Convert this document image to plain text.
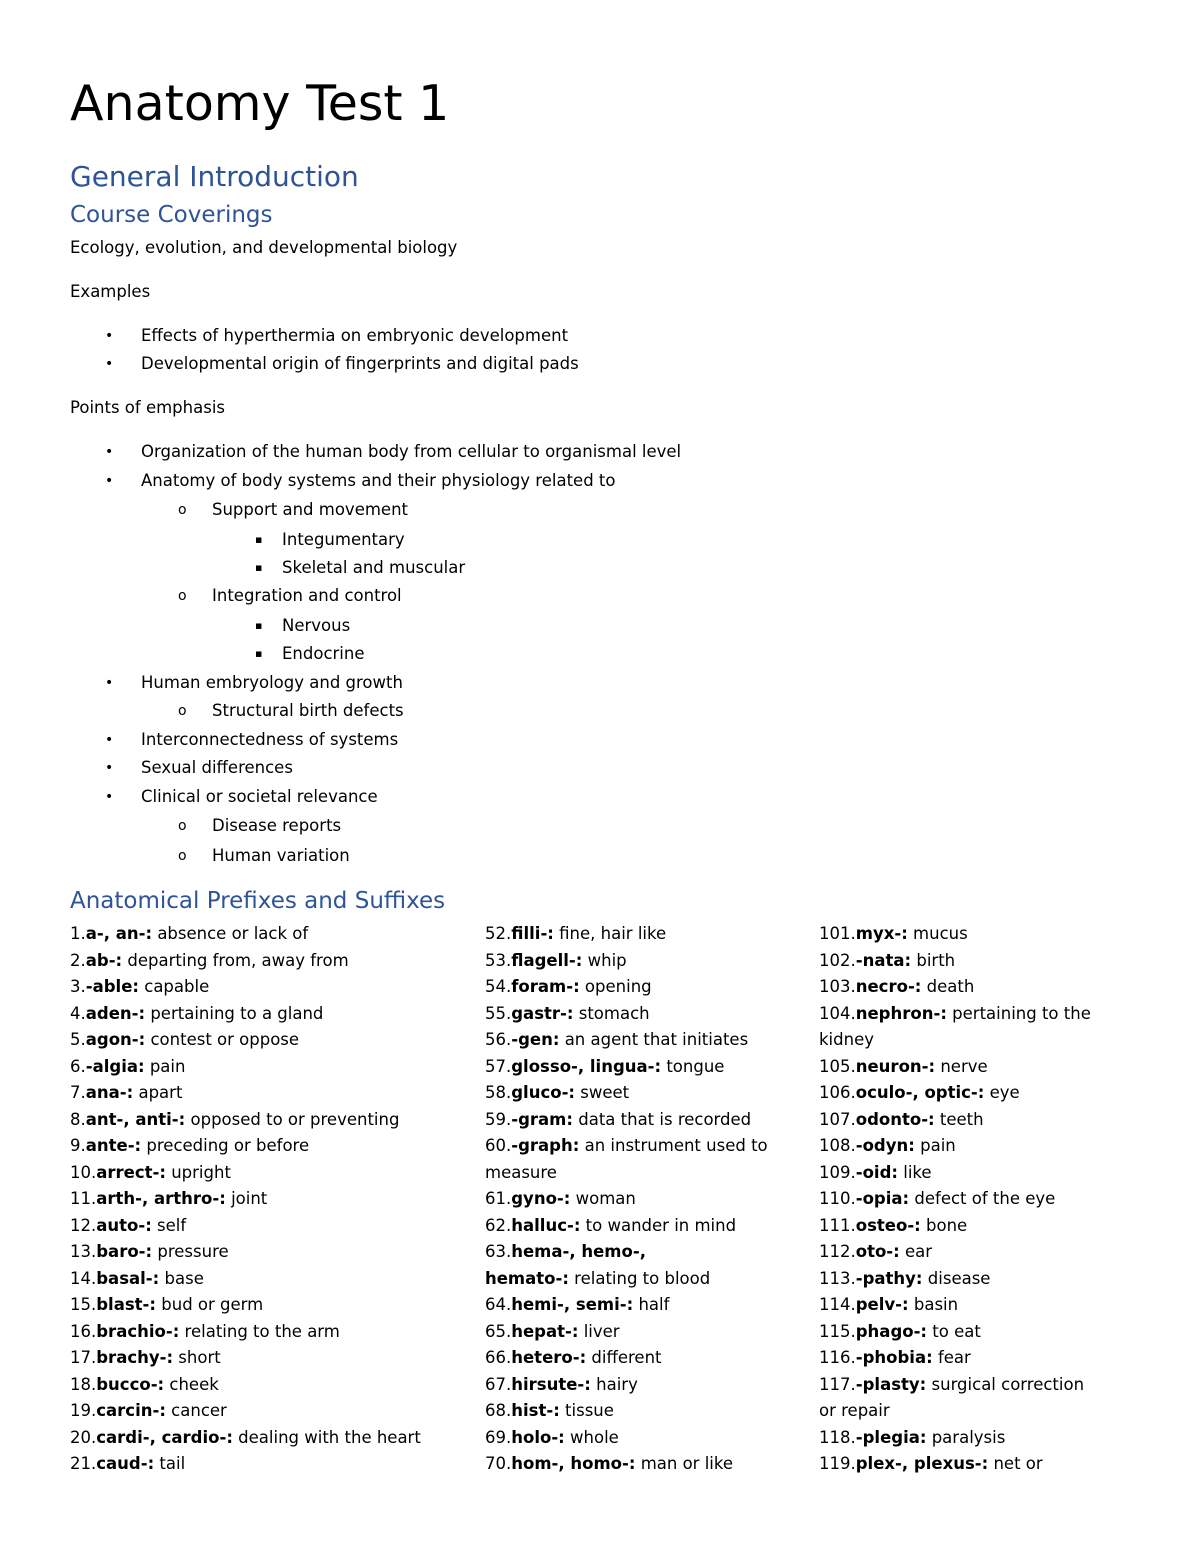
Anatomy Test 1
General Introduction
Course Coverings

Ecology, evolution, and developmental biology

Examples

• Effects of hyperthermia on embryonic development

• Developmental origin of fingerprints and digital pads

Points of emphasis

• Organization of the human body from cellular to organismal level

• Anatomy of body systems and their physiology related to

o Support and movement

▪ Integumentary

▪ Skeletal and muscular

o Integration and control

▪ Nervous

▪ Endocrine

• Human embryology and growth

o Structural birth defects

• Interconnectedness of systems

• Sexual differences

• Clinical or societal relevance

o Disease reports

o Human variation

Anatomical Prefixes and Suffixes
1.a-, an-: absence or lack of
2.ab-: departing from, away from
3.-able: capable
4.aden-: pertaining to a gland
5.agon-: contest or oppose
6.-algia: pain
7.ana-: apart
8.ant-, anti-: opposed to or preventing
9.ante-: preceding or before
10.arrect-: upright
11.arth-, arthro-: joint
12.auto-: self
13.baro-: pressure
14.basal-: base
15.blast-: bud or germ
16.brachio-: relating to the arm
17.brachy-: short
18.bucco-: cheek
19.carcin-: cancer
20.cardi-, cardio-: dealing with the heart
21.caud-: tail
52.filli-: fine, hair like
53.flagell-: whip
54.foram-: opening
55.gastr-: stomach
56.-gen: an agent that initiates
57.glosso-, lingua-: tongue
58.gluco-: sweet
59.-gram: data that is recorded
60.-graph: an instrument used to
measure
61.gyno-: woman
62.halluc-: to wander in mind
63.hema-, hemo-,
hemato-: relating to blood
64.hemi-, semi-: half
65.hepat-: liver
66.hetero-: different
67.hirsute-: hairy
68.hist-: tissue
69.holo-: whole
70.hom-, homo-: man or like
101.myx-: mucus
102.-nata: birth
103.necro-: death
104.nephron-: pertaining to the
kidney
105.neuron-: nerve
106.oculo-, optic-: eye
107.odonto-: teeth
108.-odyn: pain
109.-oid: like
110.-opia: defect of the eye
111.osteo-: bone
112.oto-: ear
113.-pathy: disease
114.pelv-: basin
115.phago-: to eat
116.-phobia: fear
117.-plasty: surgical correction
or repair
118.-plegia: paralysis
119.plex-, plexus-: net or
